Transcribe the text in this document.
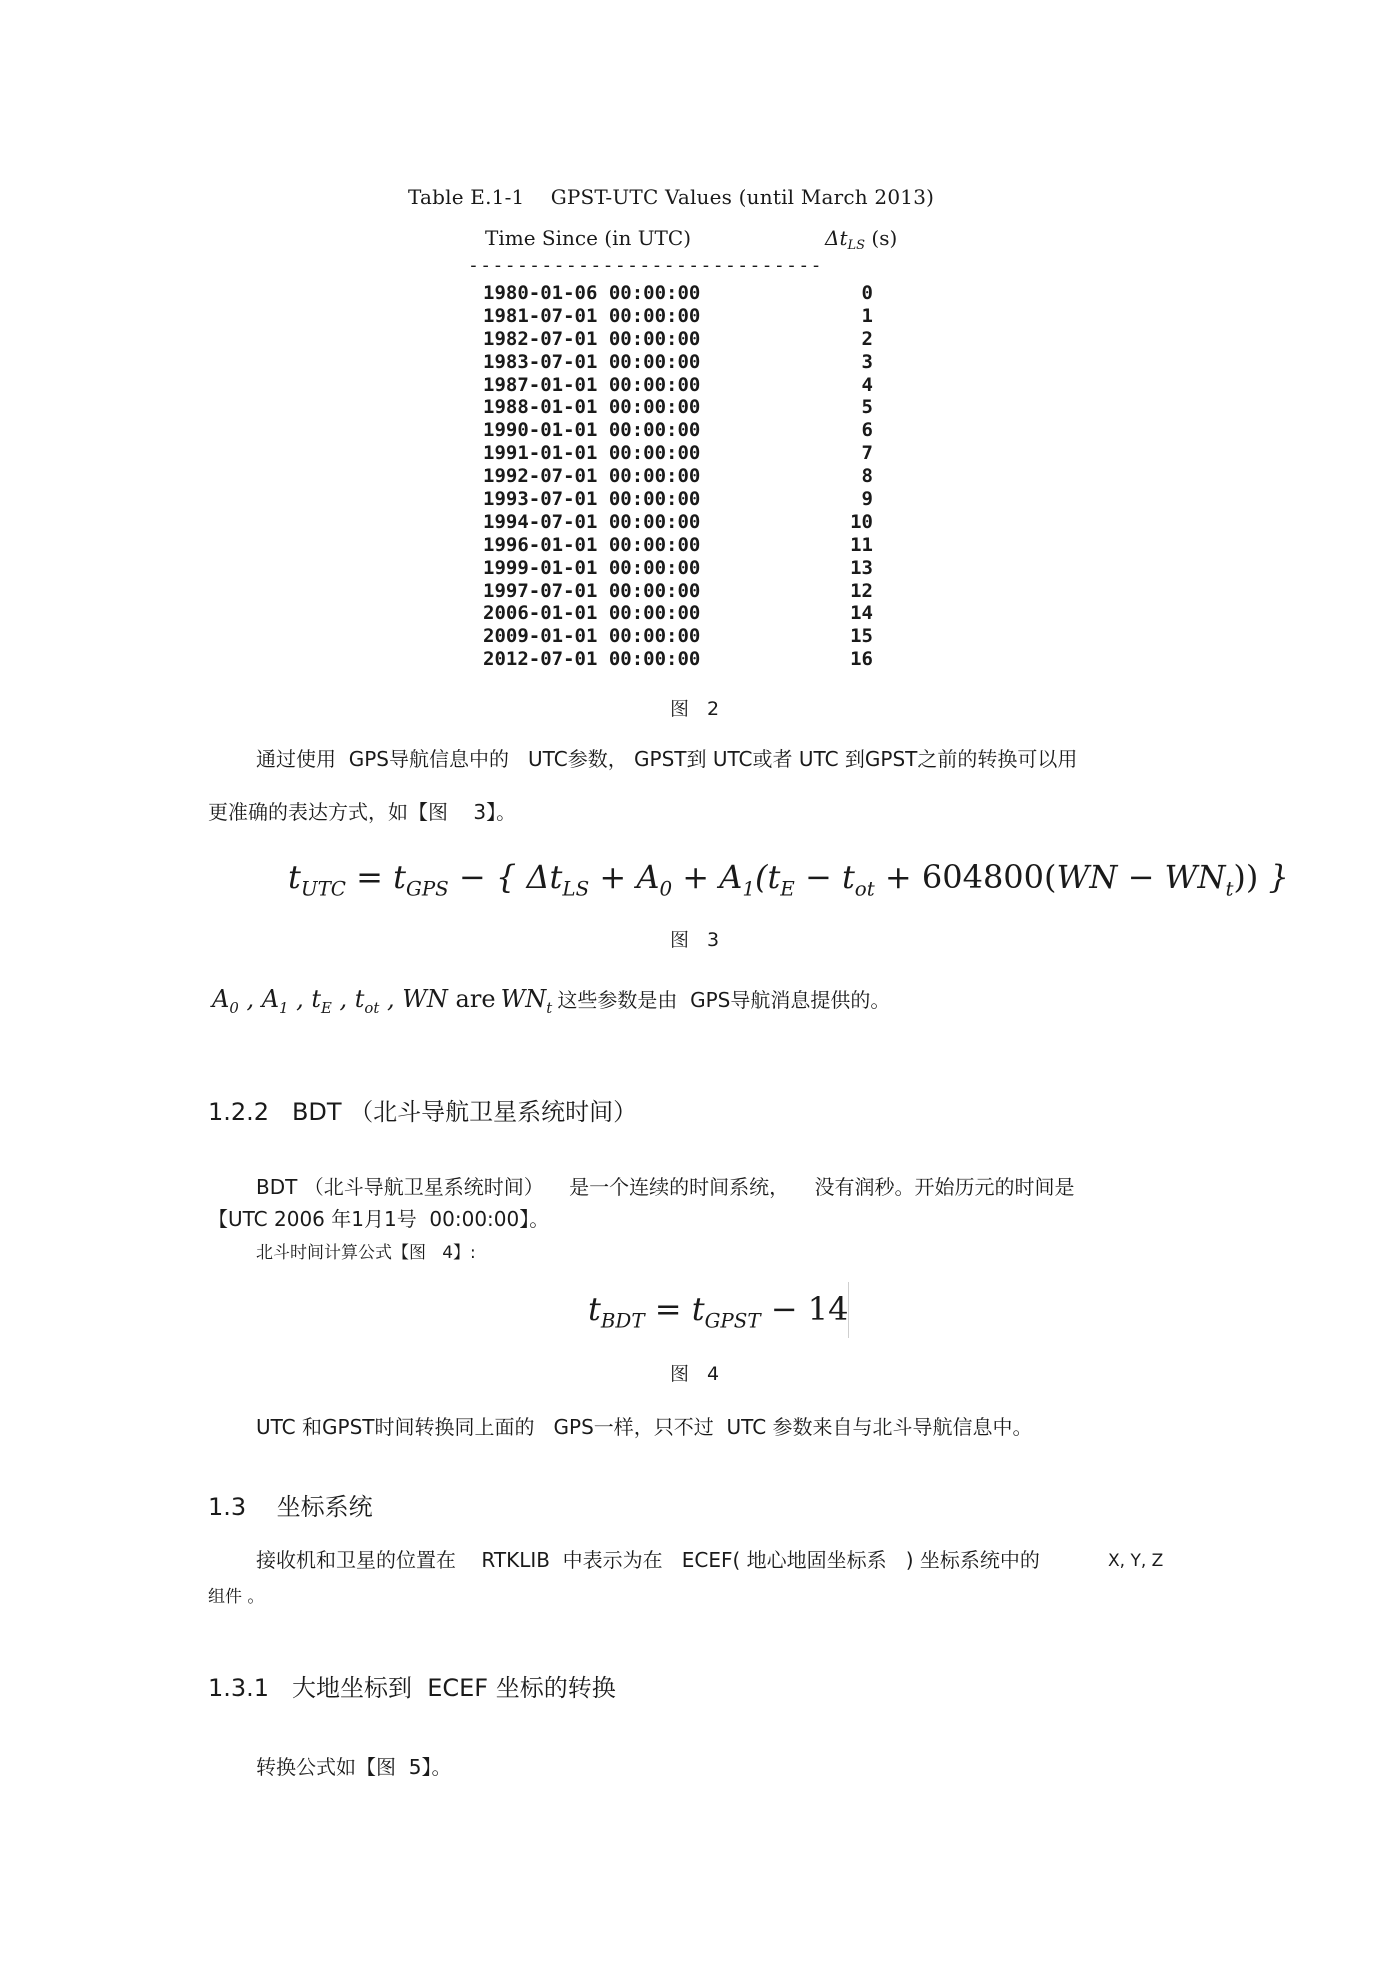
Table E.1-1    GPST-UTC Values (until March 2013)
Time Since (in UTC)	$\Delta t_{LS}$ (s)
-----------------------------
1980-01-06 00:00:00	0
1981-07-01 00:00:00	1
1982-07-01 00:00:00	2
1983-07-01 00:00:00	3
1987-01-01 00:00:00	4
1988-01-01 00:00:00	5
1990-01-01 00:00:00	6
1991-01-01 00:00:00	7
1992-07-01 00:00:00	8
1993-07-01 00:00:00	9
1994-07-01 00:00:00	10
1996-01-01 00:00:00	11
1999-01-01 00:00:00	13
1997-07-01 00:00:00	12
2006-01-01 00:00:00	14
2009-01-01 00:00:00	15
2012-07-01 00:00:00	16
图 2
通过使用  GPS导航信息中的   UTC参数， GPST到 UTC或者 UTC 到GPST之前的转换可以用
更准确的表达方式，如【图    3】。
$t_{UTC} = t_{GPS}$ − { $\Delta t_{LS} + A_0 + A_1(t_E - t_{ot} + 604800(WN - WN_t))$ }
图 3
$A_0$ , $A_1$ , $t_E$ , $t_{ot}$ , WN are $WN_t$ 这些参数是由  GPS导航消息提供的。
1.2.2   BDT （北斗导航卫星系统时间）
BDT （北斗导航卫星系统时间）    是一个连续的时间系统，    没有润秒。开始历元的时间是
【UTC 2006 年1月1号  00:00:00】。
北斗时间计算公式【图   4】:
$t_{BDT} = t_{GPST} - 14$
图 4
UTC 和GPST时间转换同上面的   GPS一样，只不过  UTC 参数来自与北斗导航信息中。
1.3    坐标系统
接收机和卫星的位置在    RTKLIB  中表示为在   ECEF( 地心地固坐标系   ) 坐标系统中的	X, Y, Z
组件 。
1.3.1   大地坐标到  ECEF 坐标的转换
转换公式如【图  5】。
